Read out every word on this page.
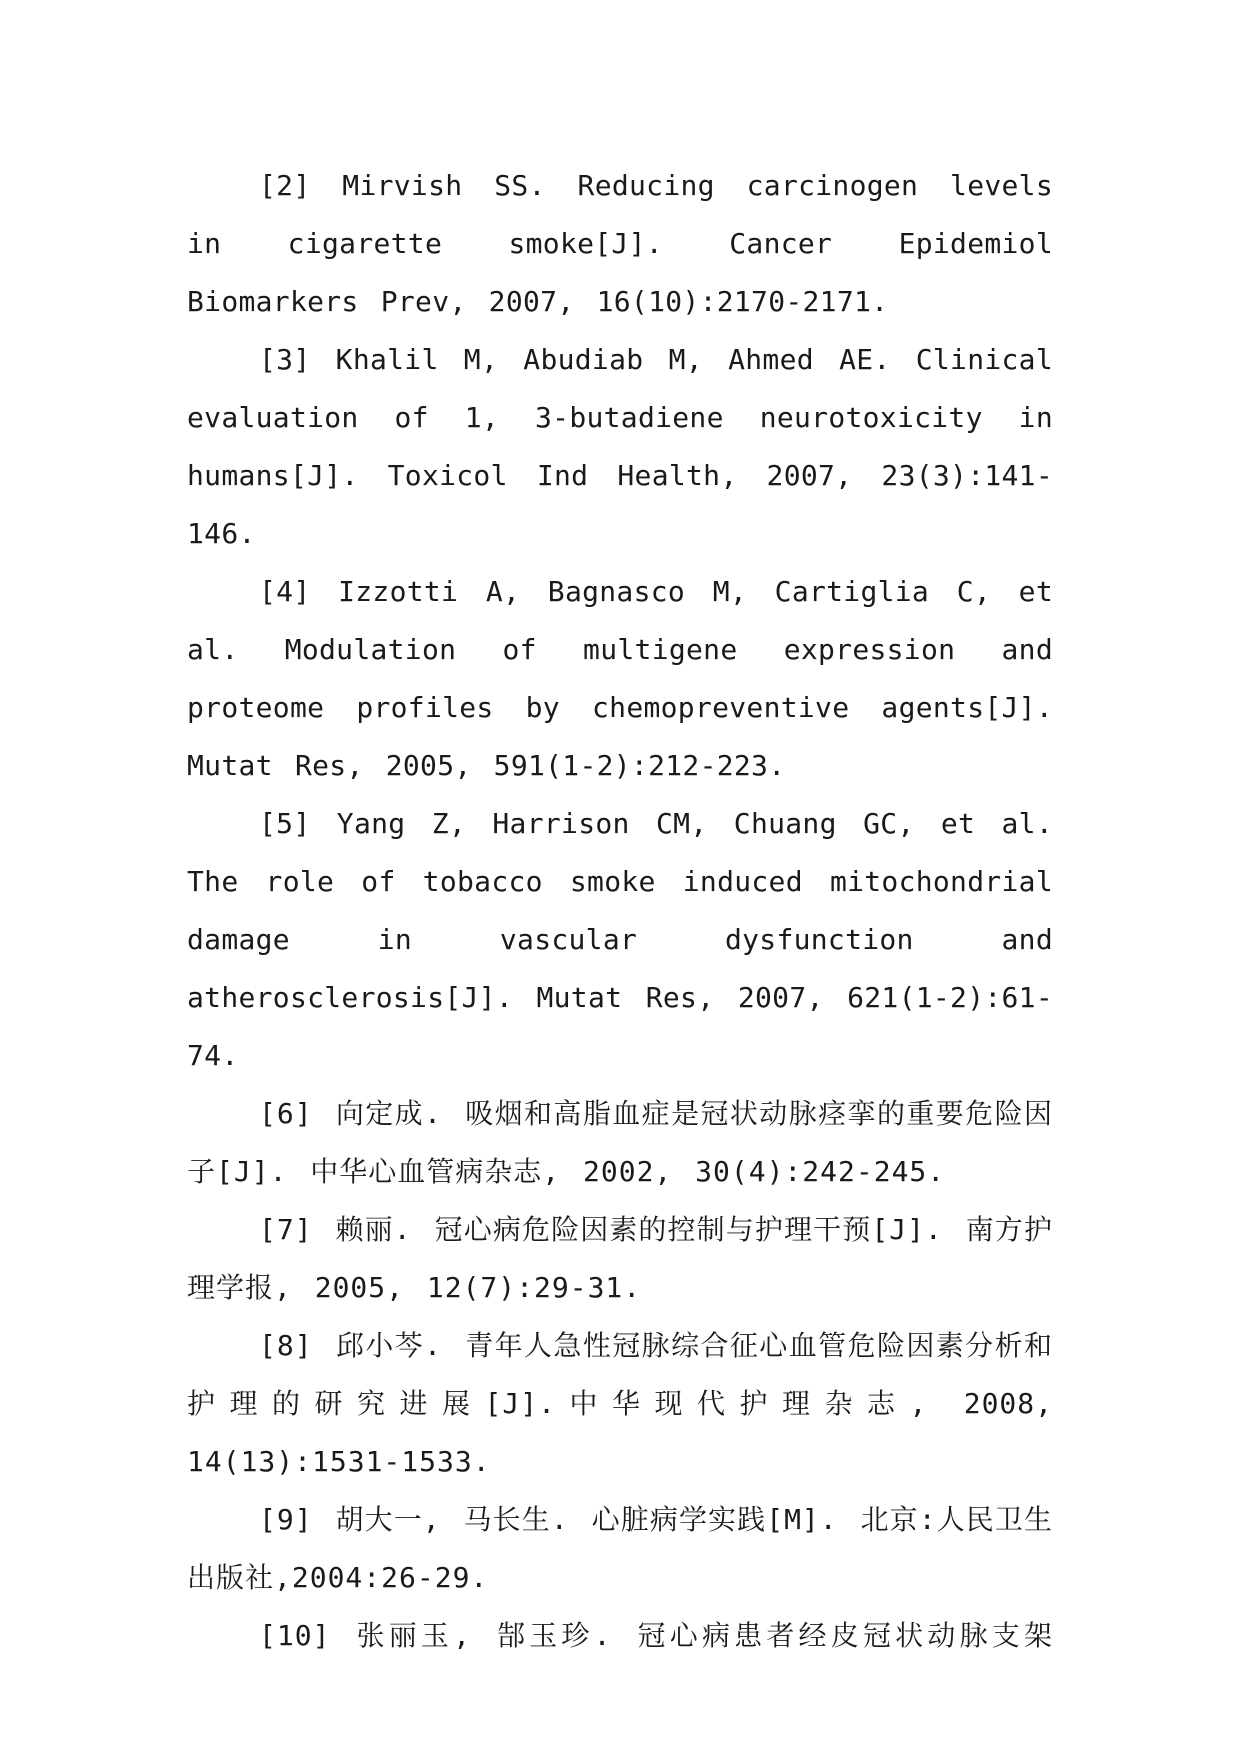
[2] Mirvish SS. Reducing carcinogen levels in cigarette smoke[J]. Cancer Epidemiol Biomarkers Prev, 2007, 16(10):2170-2171.

[3] Khalil M, Abudiab M, Ahmed AE. Clinical evaluation of 1, 3-butadiene neurotoxicity in humans[J]. Toxicol Ind Health, 2007, 23(3):141-146.

[4] Izzotti A, Bagnasco M, Cartiglia C, et al. Modulation of multigene expression and proteome profiles by chemopreventive agents[J]. Mutat Res, 2005, 591(1-2):212-223.

[5] Yang Z, Harrison CM, Chuang GC, et al. The role of tobacco smoke induced mitochondrial damage in vascular dysfunction and atherosclerosis[J]. Mutat Res, 2007, 621(1-2):61-74.

[6] 向定成. 吸烟和高脂血症是冠状动脉痉挛的重要危险因子[J]. 中华心血管病杂志, 2002, 30(4):242-245.

[7] 赖丽. 冠心病危险因素的控制与护理干预[J]. 南方护理学报, 2005, 12(7):29-31.

[8] 邱小芩. 青年人急性冠脉综合征心血管危险因素分析和护理的研究进展[J].中华现代护理杂志, 2008, 14(13):1531-1533.

[9] 胡大一, 马长生. 心脏病学实践[M]. 北京:人民卫生出版社,2004:26-29.

[10] 张丽玉, 郜玉珍. 冠心病患者经皮冠状动脉支架
